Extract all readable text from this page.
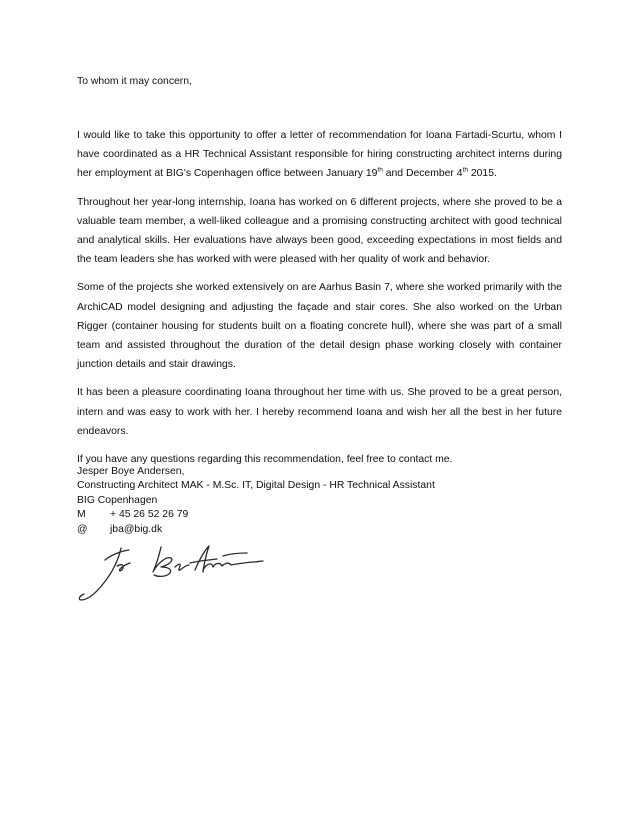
To whom it may concern,

I would like to take this opportunity to offer a letter of recommendation for Ioana Fartadi-Scurtu, whom I have coordinated as a HR Technical Assistant responsible for hiring constructing architect interns during her employment at BIG's Copenhagen office between January 19th and December 4th 2015.

Throughout her year-long internship, Ioana has worked on 6 different projects, where she proved to be a valuable team member, a well-liked colleague and a promising constructing architect with good technical and analytical skills. Her evaluations have always been good, exceeding expectations in most fields and the team leaders she has worked with were pleased with her quality of work and behavior.

Some of the projects she worked extensively on are Aarhus Basin 7, where she worked primarily with the ArchiCAD model designing and adjusting the façade and stair cores. She also worked on the Urban Rigger (container housing for students built on a floating concrete hull), where she was part of a small team and assisted throughout the duration of the detail design phase working closely with container junction details and stair drawings.

It has been a pleasure coordinating Ioana throughout her time with us. She proved to be a great person, intern and was easy to work with her. I hereby recommend Ioana and wish her all the best in her future endeavors.

If you have any questions regarding this recommendation, feel free to contact me.

Jesper Boye Andersen,
Constructing Architect MAK - M.Sc. IT, Digital Design - HR Technical Assistant
BIG Copenhagen
M	+ 45 26 52 26 79
@	jba@big.dk
